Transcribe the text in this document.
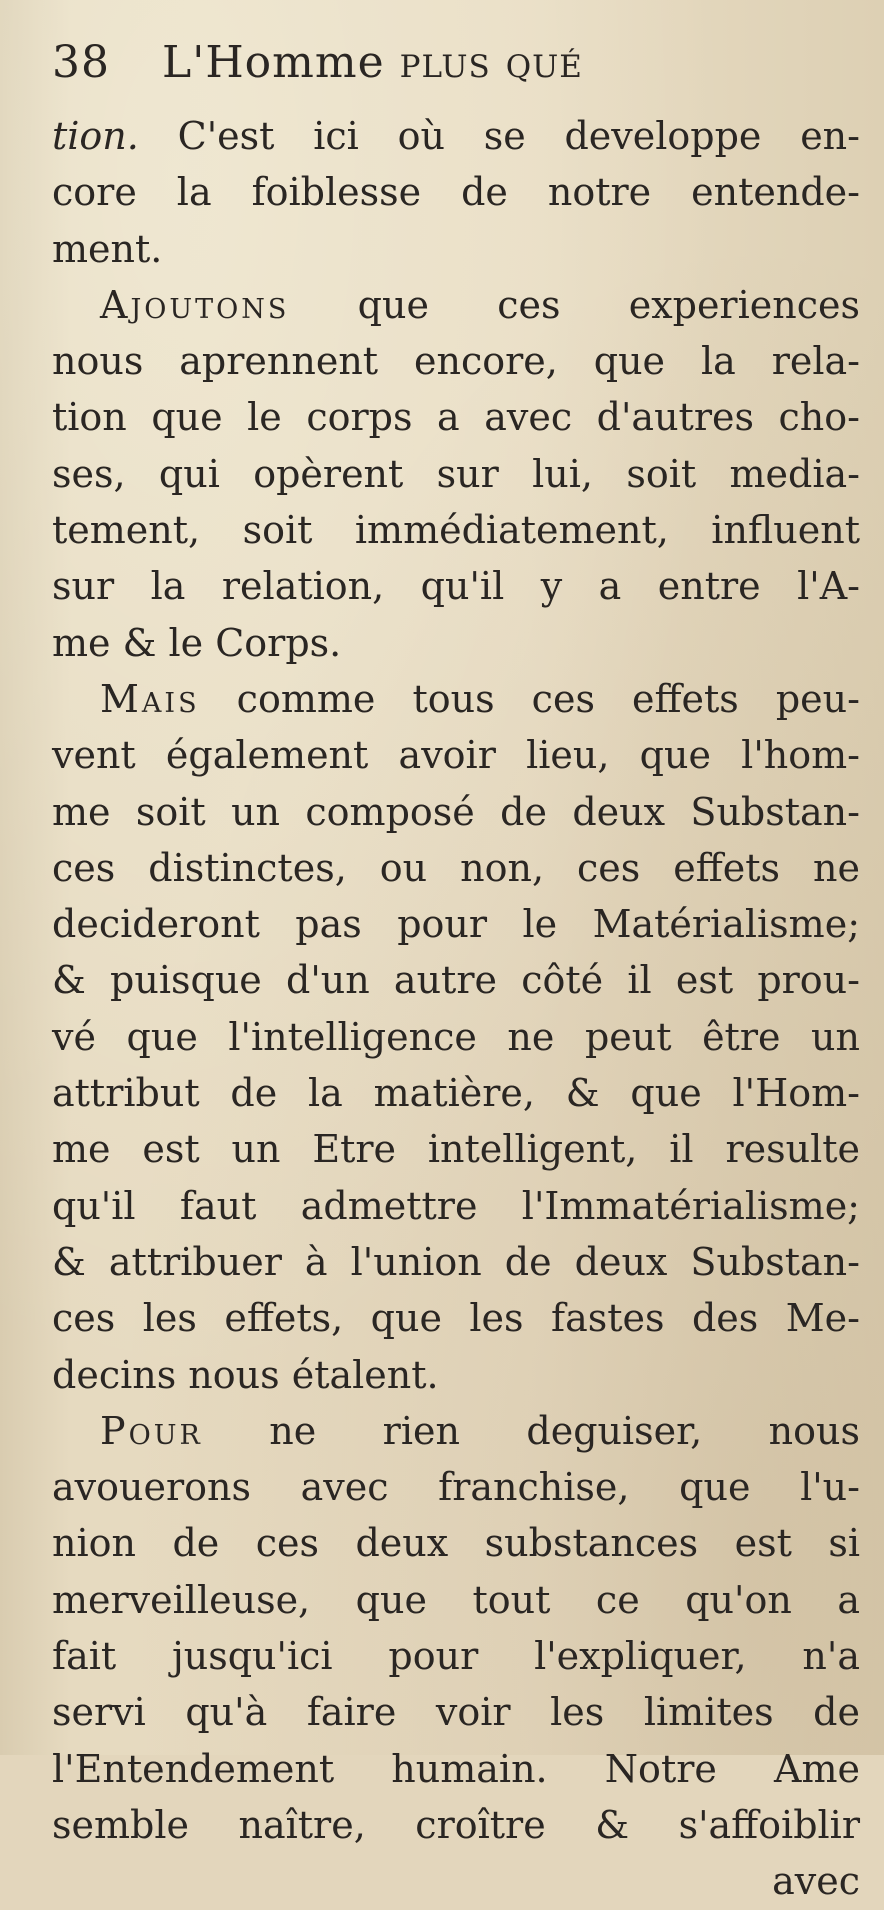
38 L'Homme plus qué
tion. C'est ici où se developpe en-
core la foiblesse de notre entende-
ment.
Ajoutons que ces experiences
nous aprennent encore, que la rela-
tion que le corps a avec d'autres cho-
ses, qui opèrent sur lui, soit media-
tement, soit immédiatement, influent
sur la relation, qu'il y a entre l'A-
me & le Corps.
Mais comme tous ces effets peu-
vent également avoir lieu, que l'hom-
me soit un composé de deux Substan-
ces distinctes, ou non, ces effets ne
decideront pas pour le Matérialisme;
& puisque d'un autre côté il est prou-
vé que l'intelligence ne peut être un
attribut de la matière, & que l'Hom-
me est un Etre intelligent, il resulte
qu'il faut admettre l'Immatérialisme;
& attribuer à l'union de deux Substan-
ces les effets, que les fastes des Me-
decins nous étalent.
Pour ne rien deguiser, nous
avouerons avec franchise, que l'u-
nion de ces deux substances est si
merveilleuse, que tout ce qu'on a
fait jusqu'ici pour l'expliquer, n'a
servi qu'à faire voir les limites de
l'Entendement humain. Notre Ame
semble naître, croître & s'affoiblir
avec
